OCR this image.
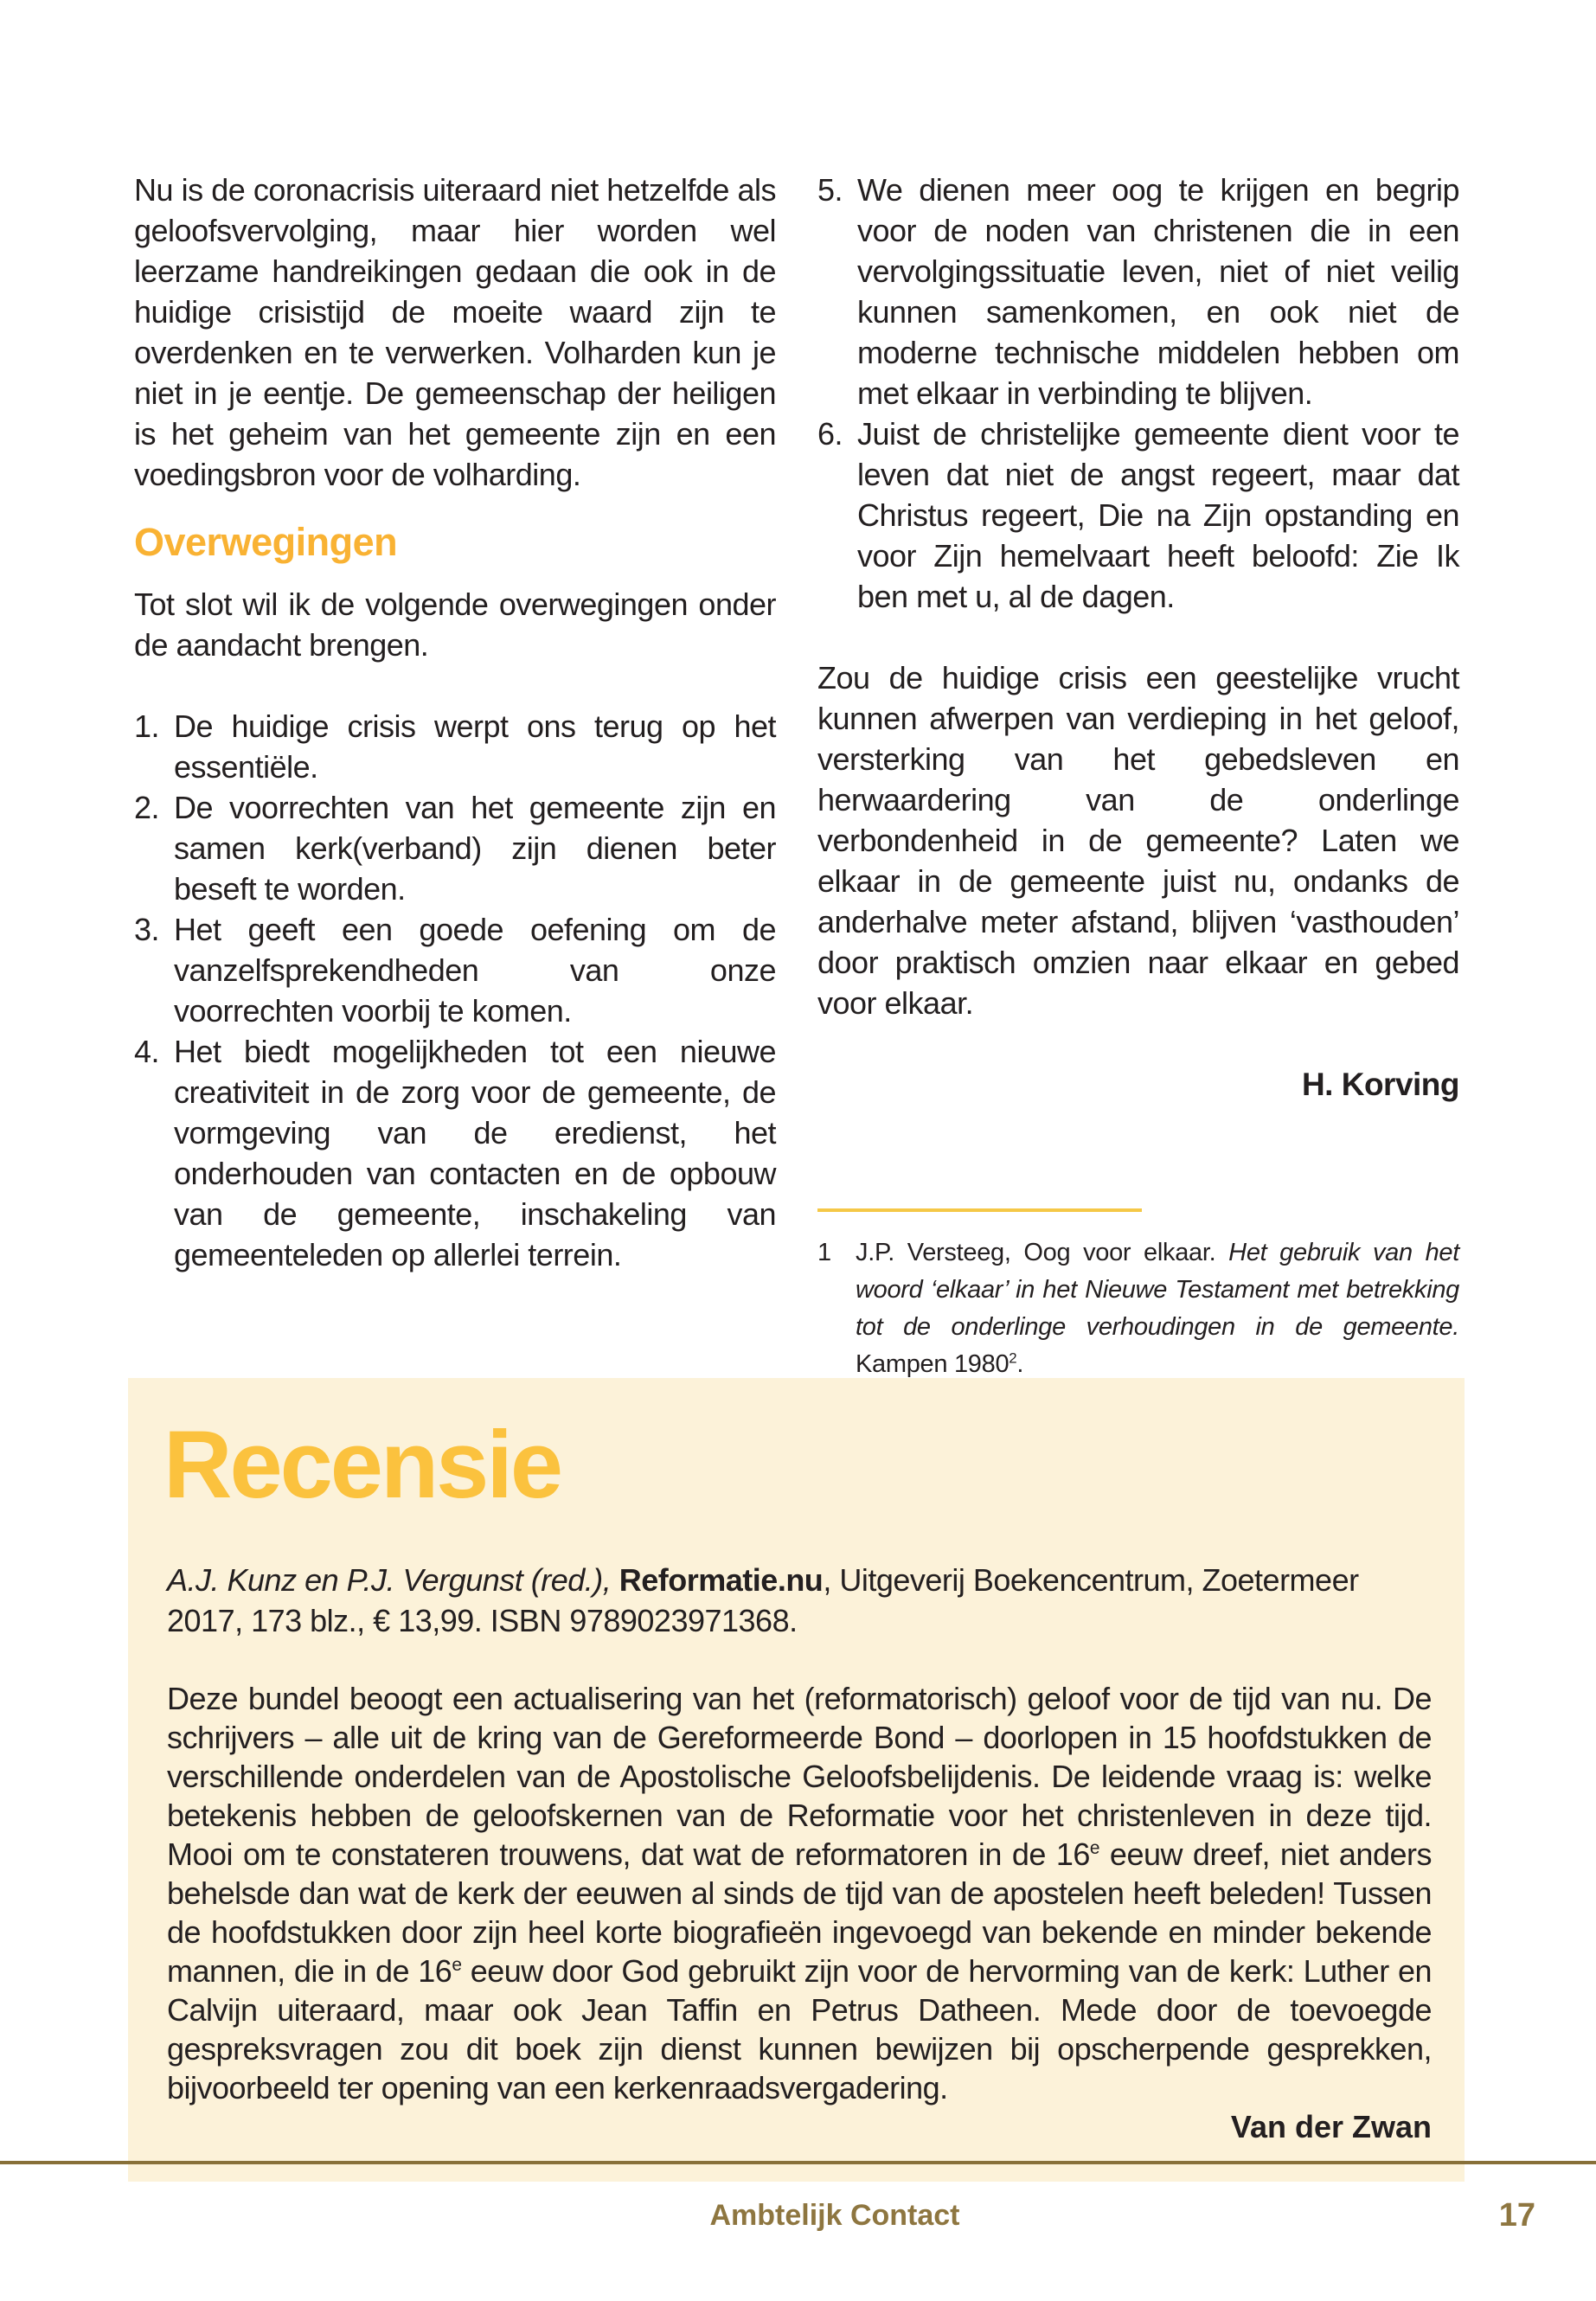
Nu is de coronacrisis uiteraard niet hetzelfde als geloofsvervolging, maar hier worden wel leerzame handreikingen gedaan die ook in de huidige crisistijd de moeite waard zijn te overdenken en te verwerken. Volharden kun je niet in je eentje. De gemeenschap der heiligen is het geheim van het gemeente zijn en een voedingsbron voor de volharding.

Overwegingen

Tot slot wil ik de volgende overwegingen onder de aandacht brengen.

1. De huidige crisis werpt ons terug op het essentiële.
2. De voorrechten van het gemeente zijn en samen kerk(verband) zijn dienen beter beseft te worden.
3. Het geeft een goede oefening om de vanzelfsprekendheden van onze voorrechten voorbij te komen.
4. Het biedt mogelijkheden tot een nieuwe creativiteit in de zorg voor de gemeente, de vormgeving van de eredienst, het onderhouden van contacten en de opbouw van de gemeente, inschakeling van gemeenteleden op allerlei terrein.
5. We dienen meer oog te krijgen en begrip voor de noden van christenen die in een vervolgingssituatie leven, niet of niet veilig kunnen samenkomen, en ook niet de moderne technische middelen hebben om met elkaar in verbinding te blijven.
6. Juist de christelijke gemeente dient voor te leven dat niet de angst regeert, maar dat Christus regeert, Die na Zijn opstanding en voor Zijn hemelvaart heeft beloofd: Zie Ik ben met u, al de dagen.

Zou de huidige crisis een geestelijke vrucht kunnen afwerpen van verdieping in het geloof, versterking van het gebedsleven en herwaardering van de onderlinge verbondenheid in de gemeente? Laten we elkaar in de gemeente juist nu, ondanks de anderhalve meter afstand, blijven ‘vasthouden’ door praktisch omzien naar elkaar en gebed voor elkaar.

H. Korving

1 J.P. Versteeg, Oog voor elkaar. Het gebruik van het woord ‘elkaar’ in het Nieuwe Testament met betrekking tot de onderlinge verhoudingen in de gemeente. Kampen 1980$^2$.
Recensie

A.J. Kunz en P.J. Vergunst (red.), Reformatie.nu, Uitgeverij Boekencentrum, Zoetermeer 2017, 173 blz., € 13,99. ISBN 9789023971368.

Deze bundel beoogt een actualisering van het (reformatorisch) geloof voor de tijd van nu. De schrijvers – alle uit de kring van de Gereformeerde Bond – doorlopen in 15 hoofdstukken de verschillende onderdelen van de Apostolische Geloofsbelijdenis. De leidende vraag is: welke betekenis hebben de geloofskernen van de Reformatie voor het christenleven in deze tijd. Mooi om te constateren trouwens, dat wat de reformatoren in de 16e eeuw dreef, niet anders behelsde dan wat de kerk der eeuwen al sinds de tijd van de apostelen heeft beleden! Tussen de hoofdstukken door zijn heel korte biografieën ingevoegd van bekende en minder bekende mannen, die in de 16e eeuw door God gebruikt zijn voor de hervorming van de kerk: Luther en Calvijn uiteraard, maar ook Jean Taffin en Petrus Datheen. Mede door de toevoegde gespreksvragen zou dit boek zijn dienst kunnen bewijzen bij opscherpende gesprekken, bijvoorbeeld ter opening van een kerkenraadsvergadering.

Van der Zwan

Ambtelijk Contact	17
